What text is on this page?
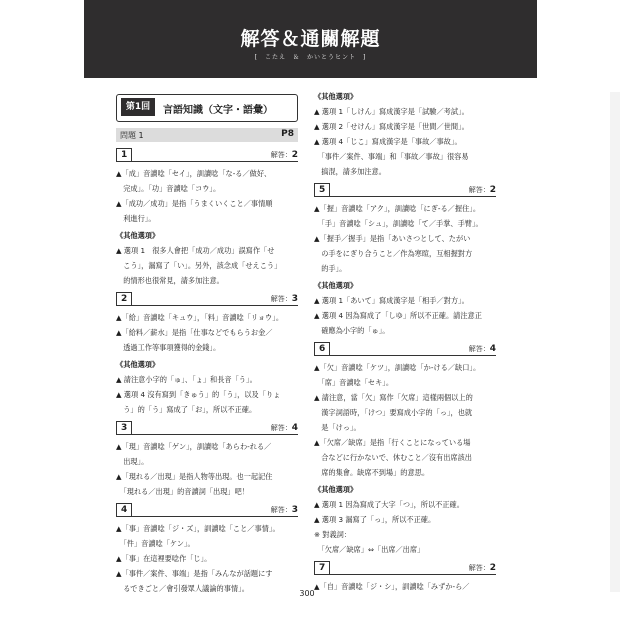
解答＆通關解題
[　こたえ　＆　かいとうヒント　]
第1回	言語知識（文字・語彙）
問題 1	P8
1	解答：2
▲「成」音讀唸「セイ」，訓讀唸「な-る／做好、
　完成」。「功」音讀唸「コウ」。
▲「成功／成功」是指「うまくいくこと／事情順
　利進行」。
《其他選項》
▲ 選項 1　很多人會把「成功／成功」誤寫作「せ
　こう」，漏寫了「い」。另外，該念成「せえこう」
　的情形也很常見，請多加注意。
2	解答：3
▲「給」音讀唸「キュウ」，「料」音讀唸「リョウ」。
▲「給料／薪水」是指「仕事などでもらうお金／
　透過工作等事項獲得的金錢」。
《其他選項》
▲ 請注意小字的「ゅ」、「ょ」和長音「う」。
▲ 選項 4 沒有寫到「きゅう」的「う」，以及「りょ
　う」的「う」寫成了「お」，所以不正確。
3	解答：4
▲「現」音讀唸「ゲン」，訓讀唸「あらわ-れる／
　出現」。
▲「現れる／出現」是指人物等出現。也一起記住
　「現れる／出現」的音讀詞「出現」吧！
4	解答：3
▲「事」音讀唸「ジ・ズ」，訓讀唸「こと／事情」。
　「件」音讀唸「ケン」。
▲「事」在這裡要唸作「じ」。
▲「事件／案件、事端」是指「みんなが話題にす
　るできごと／會引發眾人議論的事情」。
《其他選項》
▲ 選項 1「しけん」寫成漢字是「試驗／考試」。
▲ 選項 2「せけん」寫成漢字是「世間／世間」。
▲ 選項 4「じこ」寫成漢字是「事故／事故」。
　「事件／案件、事端」和「事故／事故」很容易
　搞混，請多加注意。
5	解答：2
▲「握」音讀唸「アク」，訓讀唸「にぎ-る／握住」。
　「手」音讀唸「シュ」，訓讀唸「て／手掌、手臂」。
▲「握手／握手」是指「あいさつとして、たがい
　の手をにぎり合うこと／作為寒暄，互相握對方
　的手」。
《其他選項》
▲ 選項 1「あいて」寫成漢字是「相手／對方」。
▲ 選項 4 因為寫成了「しゆ」所以不正確。請注意正
　確應為小字的「ゅ」。
6	解答：4
▲「欠」音讀唸「ケツ」，訓讀唸「か-ける／缺口」。
　「席」音讀唸「セキ」。
▲ 請注意，當「欠」寫作「欠席」這樣兩個以上的
　漢字詞語時，「けつ」要寫成小字的「っ」，也就
　是「けっ」。
▲「欠席／缺席」是指「行くことになっている場
　合などに行かないで、休むこと／沒有出席該出
　席的集會。缺席不到場」的意思。
《其他選項》
▲ 選項 1 因為寫成了大字「つ」，所以不正確。
▲ 選項 3 漏寫了「っ」，所以不正確。
※ 對義詞：
　「欠席／缺席」⇔「出席／出席」
7	解答：2
▲「自」音讀唸「ジ・シ」，訓讀唸「みずか-ら／
300
